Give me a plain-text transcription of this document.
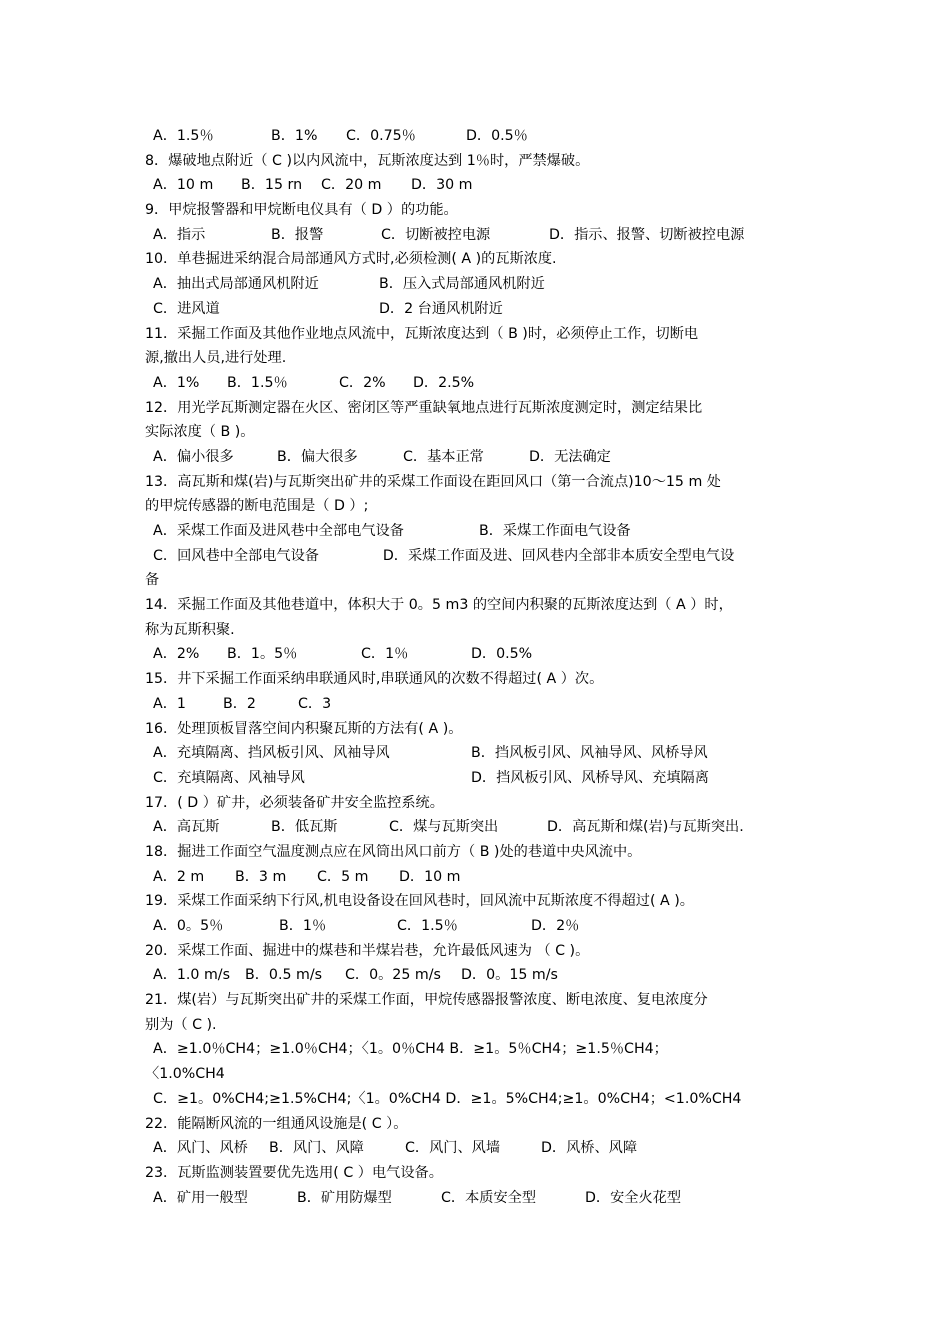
A．1.5％	B．1%	C．0.75％	D．0.5％
8．爆破地点附近（ C )以内风流中，瓦斯浓度达到 1％时，严禁爆破。
A．10 m	B．15 rn	C．20 m	D．30 m
9．甲烷报警器和甲烷断电仪具有（ D ）的功能。
A．指示	B．报警	C．切断被控电源	D．指示、报警、切断被控电源
10．单巷掘进采纳混合局部通风方式时,必须检测( A )的瓦斯浓度.
A．抽出式局部通风机附近	B．压入式局部通风机附近
C．进风道	D．2 台通风机附近
11．采掘工作面及其他作业地点风流中，瓦斯浓度达到（ B )时，必须停止工作，切断电
源,撤出人员,进行处理.
A．1%	B．1.5％	C．2%	D．2.5%
12．用光学瓦斯测定器在火区、密闭区等严重缺氧地点进行瓦斯浓度测定时，测定结果比
实际浓度（ B )。
A．偏小很多	B．偏大很多	C．基本正常	D．无法确定
13．高瓦斯和煤(岩)与瓦斯突出矿井的采煤工作面设在距回风口（第一合流点)10～15 m 处
的甲烷传感器的断电范围是（ D ）;
A．采煤工作面及进风巷中全部电气设备	B．采煤工作面电气设备
C．回风巷中全部电气设备	D．采煤工作面及进、回风巷内全部非本质安全型电气设
备
14．采掘工作面及其他巷道中，体积大于 0。5 m3 的空间内积聚的瓦斯浓度达到（ A ）时，
称为瓦斯积聚.
A．2%	B．1。5％	C．1％	D．0.5%
15．井下采掘工作面采纳串联通风时,串联通风的次数不得超过( A ）次。
A．1	B．2	C．3
16．处理顶板冒落空间内积聚瓦斯的方法有( A )。
A．充填隔离、挡风板引风、风袖导风	B．挡风板引风、风袖导风、风桥导风
C．充填隔离、风袖导风	D．挡风板引风、风桥导风、充填隔离
17．( D ）矿井，必须装备矿井安全监控系统。
A．高瓦斯	B．低瓦斯	C．煤与瓦斯突出	D．高瓦斯和煤(岩)与瓦斯突出.
18．掘进工作面空气温度测点应在风筒出风口前方（ B )处的巷道中央风流中。
A．2 m	B．3 m	C．5 m	D．10 m
19．采煤工作面采纳下行风,机电设备设在回风巷时，回风流中瓦斯浓度不得超过( A )。
A．0。5％	B．1％	C．1.5％	D．2％
20．采煤工作面、掘进中的煤巷和半煤岩巷，允许最低风速为 （ C )。
A．1.0 m/s	B．0.5 m/s	C．0。25 m/s	D．0。15 m/s
21．煤(岩）与瓦斯突出矿井的采煤工作面，甲烷传感器报警浓度、断电浓度、复电浓度分
别为（ C ).
A．≥1.0％CH4；≥1.0％CH4；〈1。0％CH4 B．≥1。5％CH4；≥1.5％CH4；
〈1.0%CH4
C．≥1。0%CH4;≥1.5%CH4;〈1。0%CH4 D．≥1。5%CH4;≥1。0%CH4；<1.0%CH4
22．能隔断风流的一组通风设施是( C ）。
A．风门、风桥	B．风门、风障	C．风门、风墙	D．风桥、风障
23．瓦斯监测装置要优先选用( C ）电气设备。
A．矿用一般型	B．矿用防爆型	C．本质安全型	D．安全火花型
